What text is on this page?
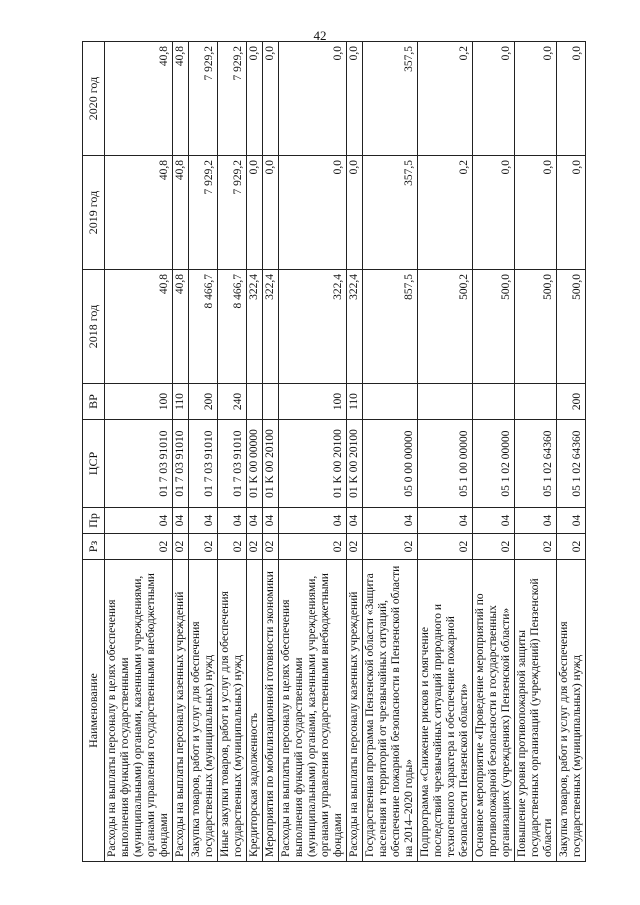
42
Наименование	Рз	Пр	ЦСР	ВР	2018 год	2019 год	2020 год
Расходы на выплаты персоналу в целях обеспечения выполнения функций государственными (муниципальными) органами, казенными учреждениями, органами управления государственными внебюджетными фондами	02	04	01 7 03 91010	100	40,8	40,8	40,8
Расходы на выплаты персоналу казенных учреждений	02	04	01 7 03 91010	110	40,8	40,8	40,8
Закупка товаров, работ и услуг для обеспечения государственных (муниципальных) нужд	02	04	01 7 03 91010	200	8 466,7	7 929,2	7 929,2
Иные закупки товаров, работ и услуг для обеспечения государственных (муниципальных) нужд	02	04	01 7 03 91010	240	8 466,7	7 929,2	7 929,2
Кредиторская задолженность	02	04	01 K 00 00000		322,4	0,0	0,0
Мероприятия по мобилизационной готовности экономики	02	04	01 K 00 20100		322,4	0,0	0,0
Расходы на выплаты персоналу в целях обеспечения выполнения функций государственными (муниципальными) органами, казенными учреждениями, органами управления государственными внебюджетными фондами	02	04	01 K 00 20100	100	322,4	0,0	0,0
Расходы на выплаты персоналу казенных учреждений	02	04	01 K 00 20100	110	322,4	0,0	0,0
Государственная программа Пензенской области «Защита населения и территорий от чрезвычайных ситуаций, обеспечение пожарной безопасности в Пензенской области на 2014–2020 годы»	02	04	05 0 00 00000		857,5	357,5	357,5
Подпрограмма «Снижение рисков и смягчение последствий чрезвычайных ситуаций природного и техногенного характера и обеспечение пожарной безопасности Пензенской области»	02	04	05 1 00 00000		500,2	0,2	0,2
Основное мероприятие «Проведение мероприятий по противопожарной безопасности в государственных организациях (учреждениях) Пензенской области»	02	04	05 1 02 00000		500,0	0,0	0,0
Повышение уровня противопожарной защиты государственных организаций (учреждений) Пензенской области	02	04	05 1 02 64360		500,0	0,0	0,0
Закупка товаров, работ и услуг для обеспечения государственных (муниципальных) нужд	02	04	05 1 02 64360	200	500,0	0,0	0,0
